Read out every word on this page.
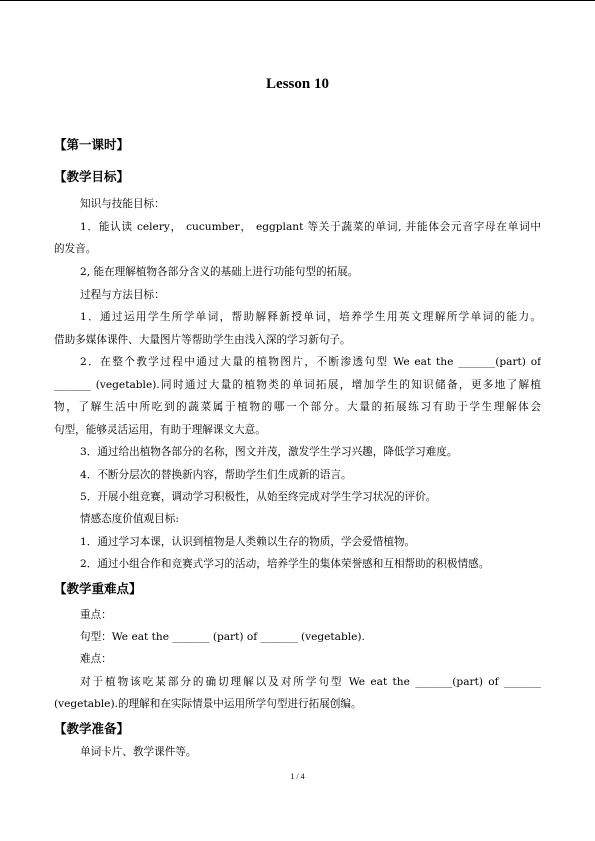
Lesson 10
【第一课时】
【教学目标】
知识与技能目标：
1．能认读 celery， cucumber， eggplant 等关于蔬菜的单词, 并能体会元音字母在单词中
的发音。
2, 能在理解植物各部分含义的基础上进行功能句型的拓展。
过程与方法目标：
1．通过运用学生所学单词，帮助解释新授单词，培养学生用英文理解所学单词的能力。
借助多媒体课件、大量图片等帮助学生由浅入深的学习新句子。
2．在整个教学过程中通过大量的植物图片，不断渗透句型 We eat the _______(part) of
_______ (vegetable).同时通过大量的植物类的单词拓展，增加学生的知识储备，更多地了解植
物，了解生活中所吃到的蔬菜属于植物的哪一个部分。大量的拓展练习有助于学生理解体会
句型，能够灵活运用，有助于理解课文大意。
3．通过给出植物各部分的名称，图文并茂，激发学生学习兴趣，降低学习难度。
4．不断分层次的替换新内容，帮助学生们生成新的语言。
5．开展小组竞赛，调动学习积极性，从始至终完成对学生学习状况的评价。
情感态度价值观目标:
1．通过学习本课，认识到植物是人类赖以生存的物质，学会爱惜植物。
2．通过小组合作和竞赛式学习的活动，培养学生的集体荣誉感和互相帮助的积极情感。
【教学重难点】
重点：
句型：We eat the _______ (part) of _______ (vegetable).
难点：
对于植物该吃某部分的确切理解以及对所学句型 We eat the _______(part) of _______
(vegetable).的理解和在实际情景中运用所学句型进行拓展创编。
【教学准备】
单词卡片、教学课件等。
1 / 4
